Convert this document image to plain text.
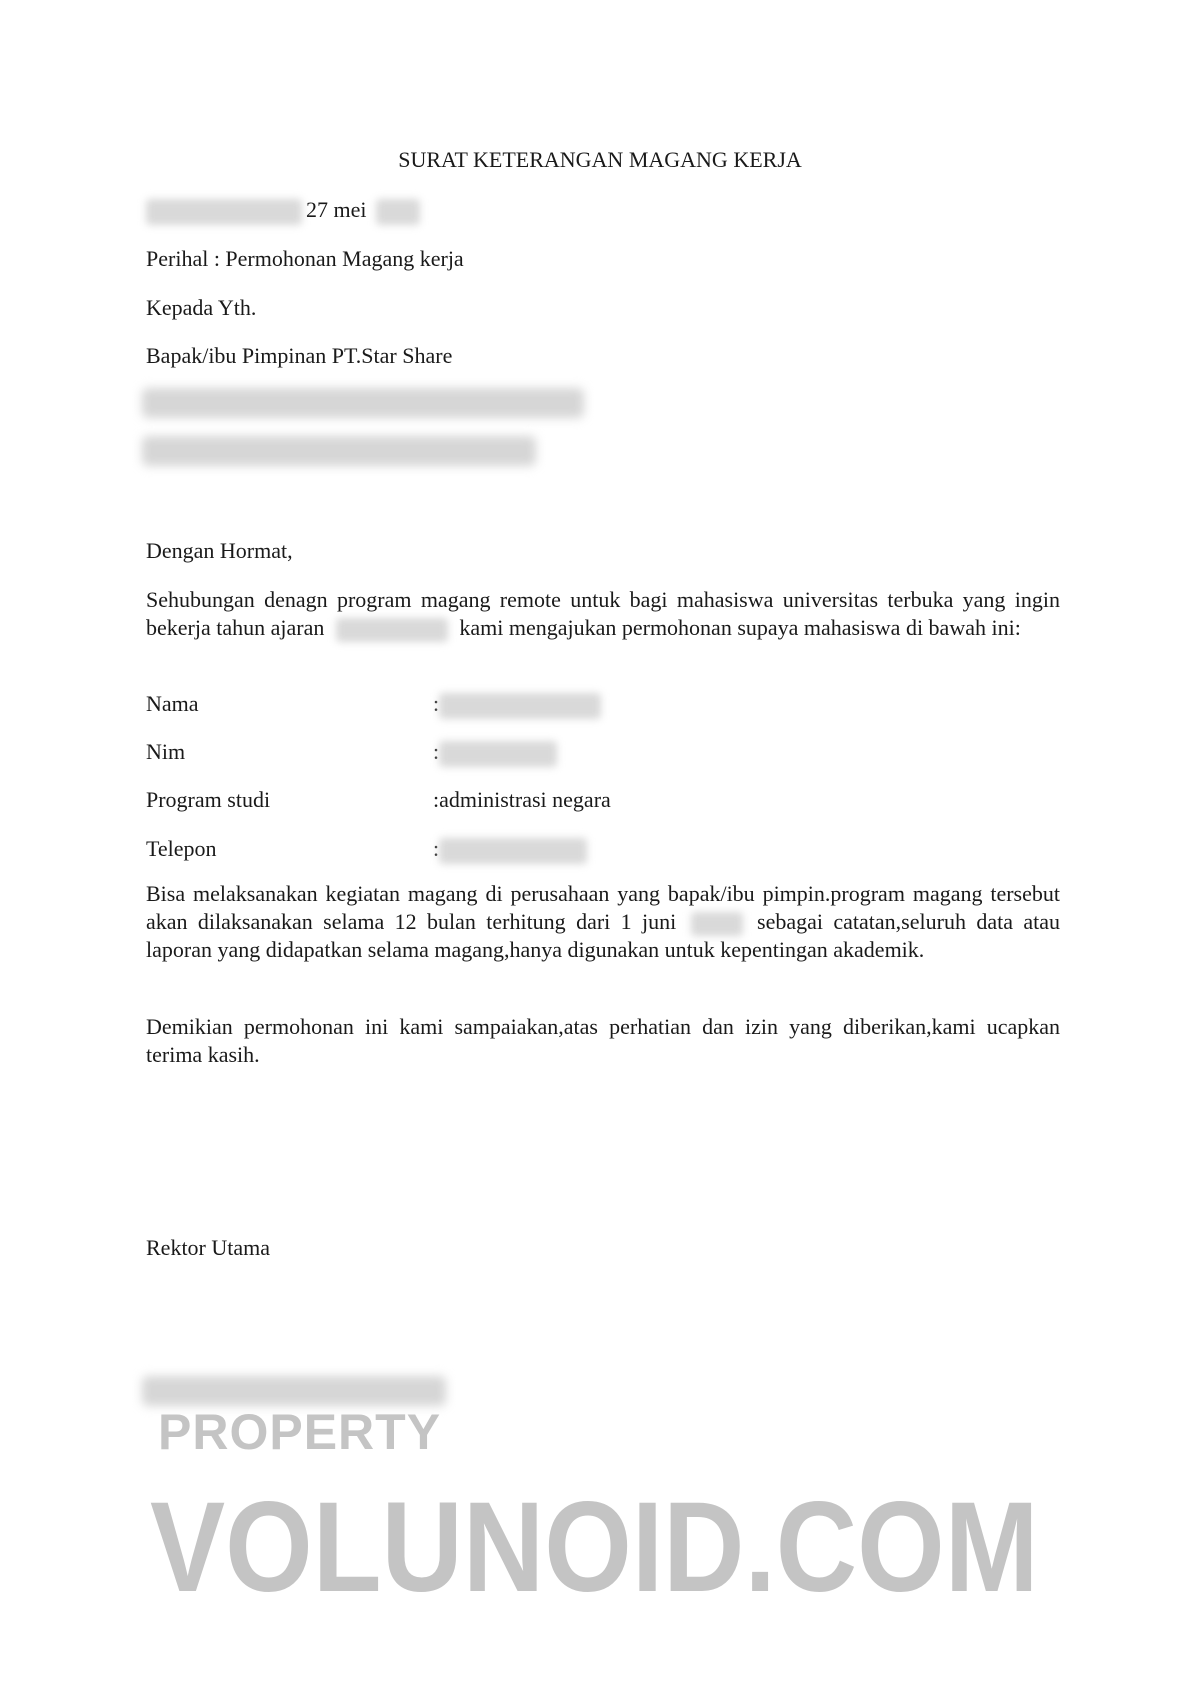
SURAT KETERANGAN MAGANG KERJA
27 mei
Perihal : Permohonan Magang kerja
Kepada Yth.
Bapak/ibu Pimpinan PT.Star Share
Dengan Hormat,
Sehubungan denagn program magang remote untuk bagi mahasiswa universitas terbuka yang ingin bekerja tahun ajaran	kami mengajukan permohonan supaya mahasiswa di bawah ini:
Nama	:
Nim	:
Program studi	:administrasi negara
Telepon	:
Bisa melaksanakan kegiatan magang di perusahaan yang bapak/ibu pimpin.program magang tersebut akan dilaksanakan selama 12 bulan terhitung dari 1 juni	sebagai catatan,seluruh data atau laporan yang didapatkan selama magang,hanya digunakan untuk kepentingan akademik.
Demikian permohonan ini kami sampaiakan,atas perhatian dan izin yang diberikan,kami ucapkan terima kasih.
Rektor Utama
PROPERTY
VOLUNOID.COM
